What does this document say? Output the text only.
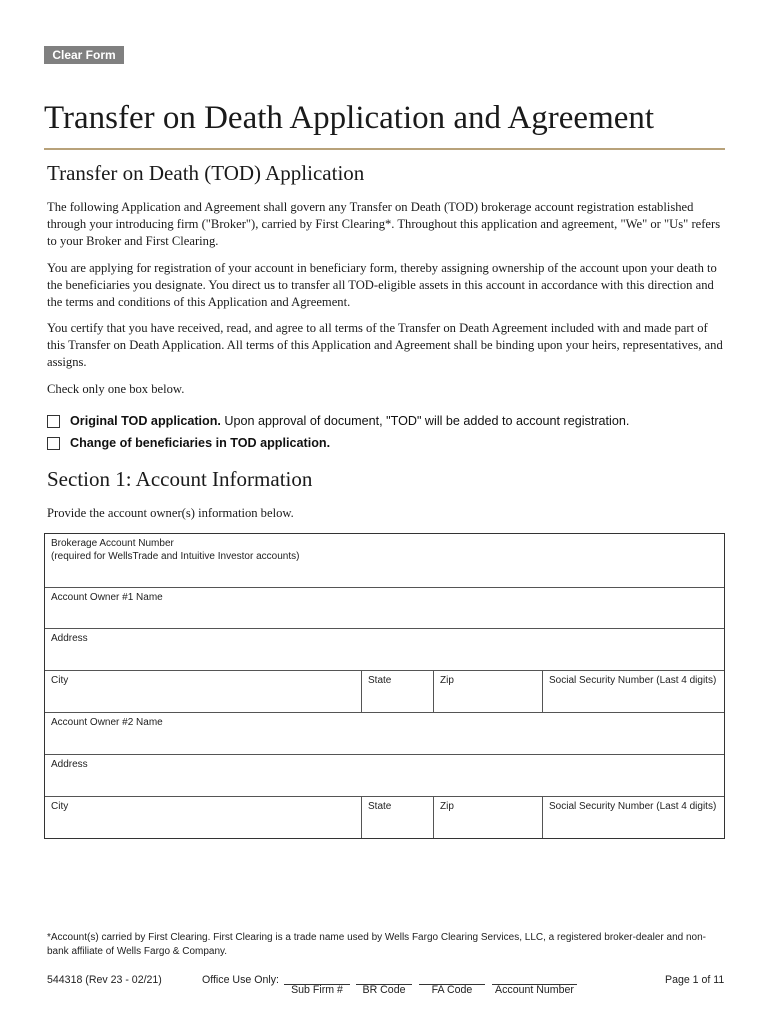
Clear Form
Transfer on Death Application and Agreement
Transfer on Death (TOD) Application
The following Application and Agreement shall govern any Transfer on Death (TOD) brokerage account registration established through your introducing firm ("Broker"), carried by First Clearing*. Throughout this application and agreement, "We" or "Us" refers to your Broker and First Clearing.
You are applying for registration of your account in beneficiary form, thereby assigning ownership of the account upon your death to the beneficiaries you designate. You direct us to transfer all TOD-eligible assets in this account in accordance with this direction and the terms and conditions of this Application and Agreement.
You certify that you have received, read, and agree to all terms of the Transfer on Death Agreement included with and made part of this Transfer on Death Application. All terms of this Application and Agreement shall be binding upon your heirs, representatives, and assigns.
Check only one box below.
Original TOD application. Upon approval of document, "TOD" will be added to account registration.
Change of beneficiaries in TOD application.
Section 1: Account Information
Provide the account owner(s) information below.
Brokerage Account Number
(required for WellsTrade and Intuitive Investor accounts)
Account Owner #1 Name
Address
City	State	Zip	Social Security Number (Last 4 digits)
Account Owner #2 Name
Address
City	State	Zip	Social Security Number (Last 4 digits)
*Account(s) carried by First Clearing. First Clearing is a trade name used by Wells Fargo Clearing Services, LLC, a registered broker-dealer and non-bank affiliate of Wells Fargo & Company.
544318 (Rev 23 - 02/21)	Office Use Only:
Sub Firm #	BR Code	FA Code	Account Number
Page 1 of 11
